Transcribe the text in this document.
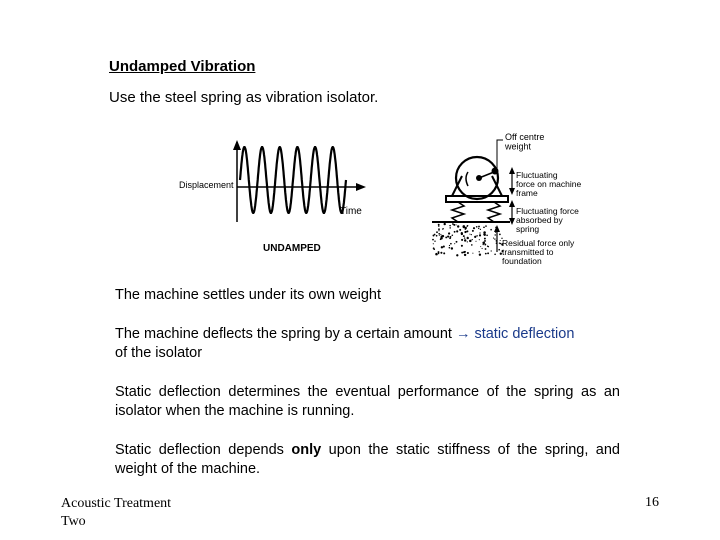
Undamped Vibration
Use the steel spring as vibration isolator.
Displacement
Time
UNDAMPED
Off centre weight
Fluctuating force on machine frame
Fluctuating force absorbed by spring
Residual force only transmitted to foundation
The machine settles under its own weight
The machine deflects the spring by a certain amount → static deflection
of the isolator
Static deflection determines the eventual performance of the spring as an isolator when the machine is running.
Static deflection depends only upon the static stiffness of the spring, and weight of the machine.
Acoustic Treatment
Two
16
